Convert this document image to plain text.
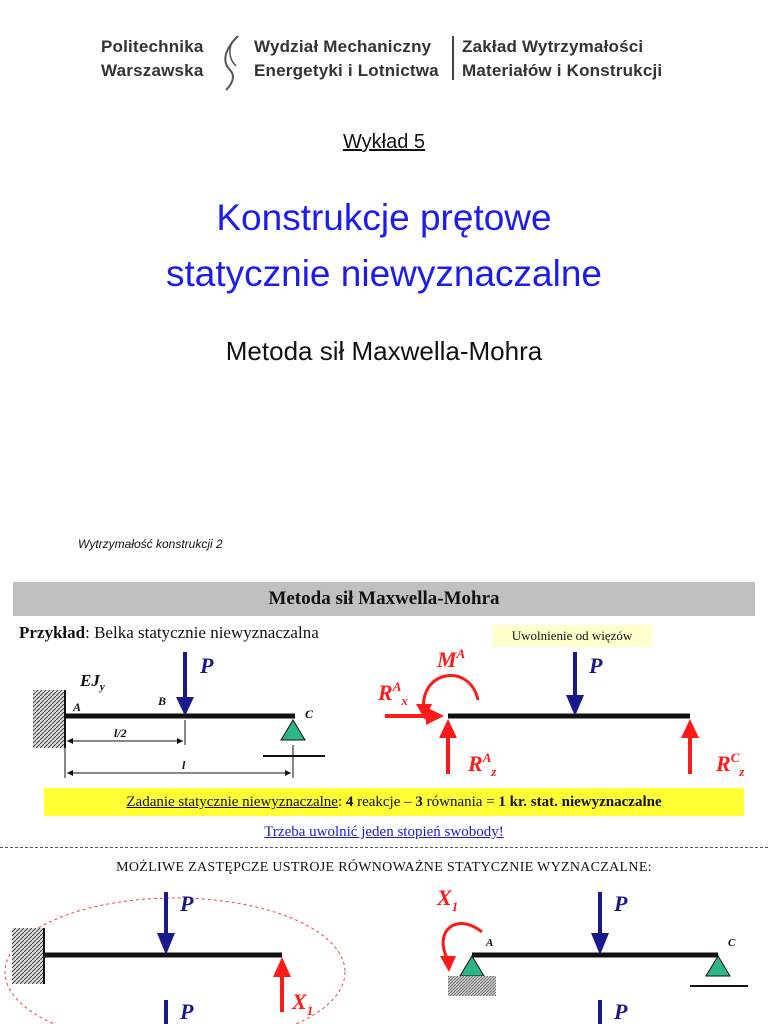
Politechnika
Warszawska
Wydział Mechaniczny
Energetyki i Lotnictwa
Zakład Wytrzymałości
Materiałów i Konstrukcji
Wykład 5
Konstrukcje prętowe
statycznie niewyznaczalne
Metoda sił Maxwella-Mohra
Wytrzymałość konstrukcji 2
Metoda sił Maxwella-Mohra
Przykład: Belka statycznie niewyznaczalna	Uwolnienie od więzów
P
$EJ_y$
A	B
C
l/2
l
P
$M^A$
$R^A_x$
$R^A_z$	$R^C_z$
P
$X_1$
P
A	C
P
$X_1$
P
Zadanie statycznie niewyznaczalne: 4 reakcje – 3 równania = 1 kr. stat. niewyznaczalne
Trzeba uwolnić jeden stopień swobody!
MOŻLIWE ZASTĘPCZE USTROJE RÓWNOWAŻNE STATYCZNIE WYZNACZALNE:
